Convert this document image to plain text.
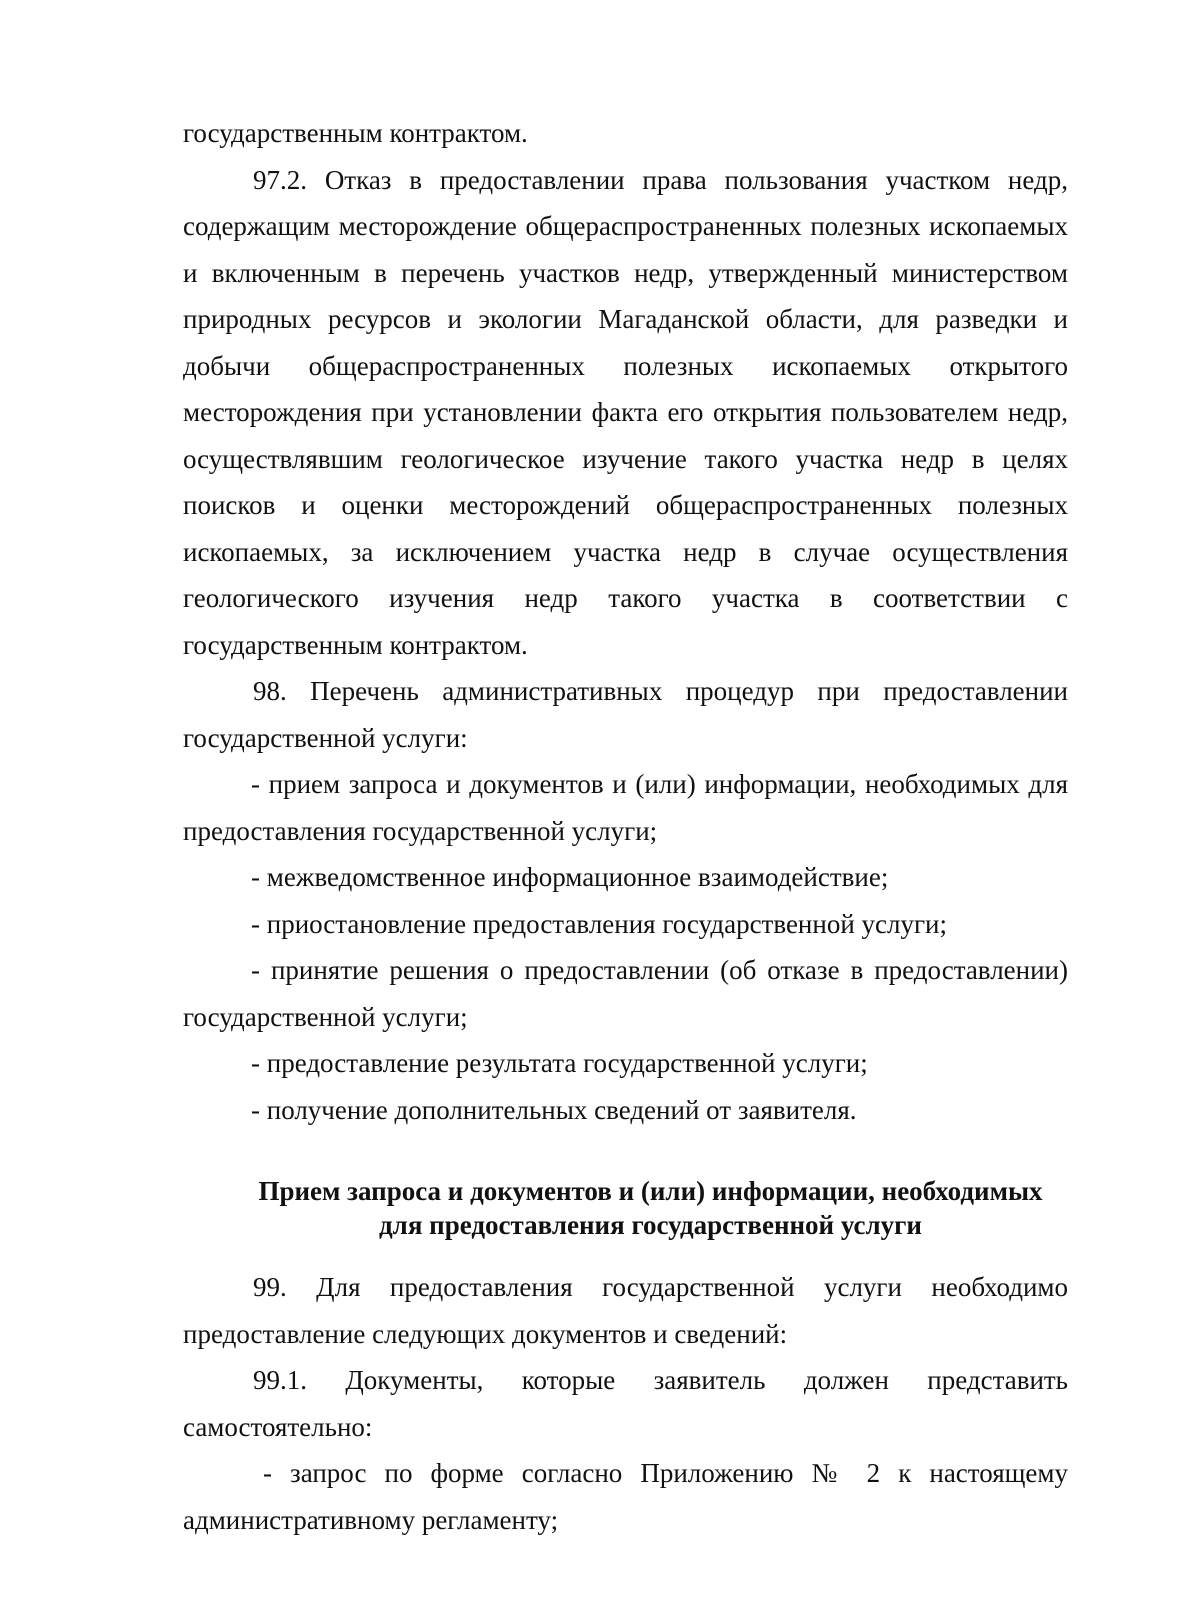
государственным контрактом.

97.2. Отказ в предоставлении права пользования участком недр, содержащим месторождение общераспространенных полезных ископаемых и включенным в перечень участков недр, утвержденный министерством природных ресурсов и экологии Магаданской области, для разведки и добычи общераспространенных полезных ископаемых открытого месторождения при установлении факта его открытия пользователем недр, осуществлявшим геологическое изучение такого участка недр в целях поисков и оценки месторождений общераспространенных полезных ископаемых, за исключением участка недр в случае осуществления геологического изучения недр такого участка в соответствии с государственным контрактом.

98. Перечень административных процедур при предоставлении государственной услуги:

- прием запроса и документов и (или) информации, необходимых для предоставления государственной услуги;

- межведомственное информационное взаимодействие;

- приостановление предоставления государственной услуги;

- принятие решения о предоставлении (об отказе в предоставлении) государственной услуги;

- предоставление результата государственной услуги;

- получение дополнительных сведений от заявителя.

Прием запроса и документов и (или) информации, необходимых
для предоставления государственной услуги

99. Для предоставления государственной услуги необходимо предоставление следующих документов и сведений:

99.1. Документы, которые заявитель должен представить самостоятельно:

- запрос по форме согласно Приложению № 2 к настоящему административному регламенту;
